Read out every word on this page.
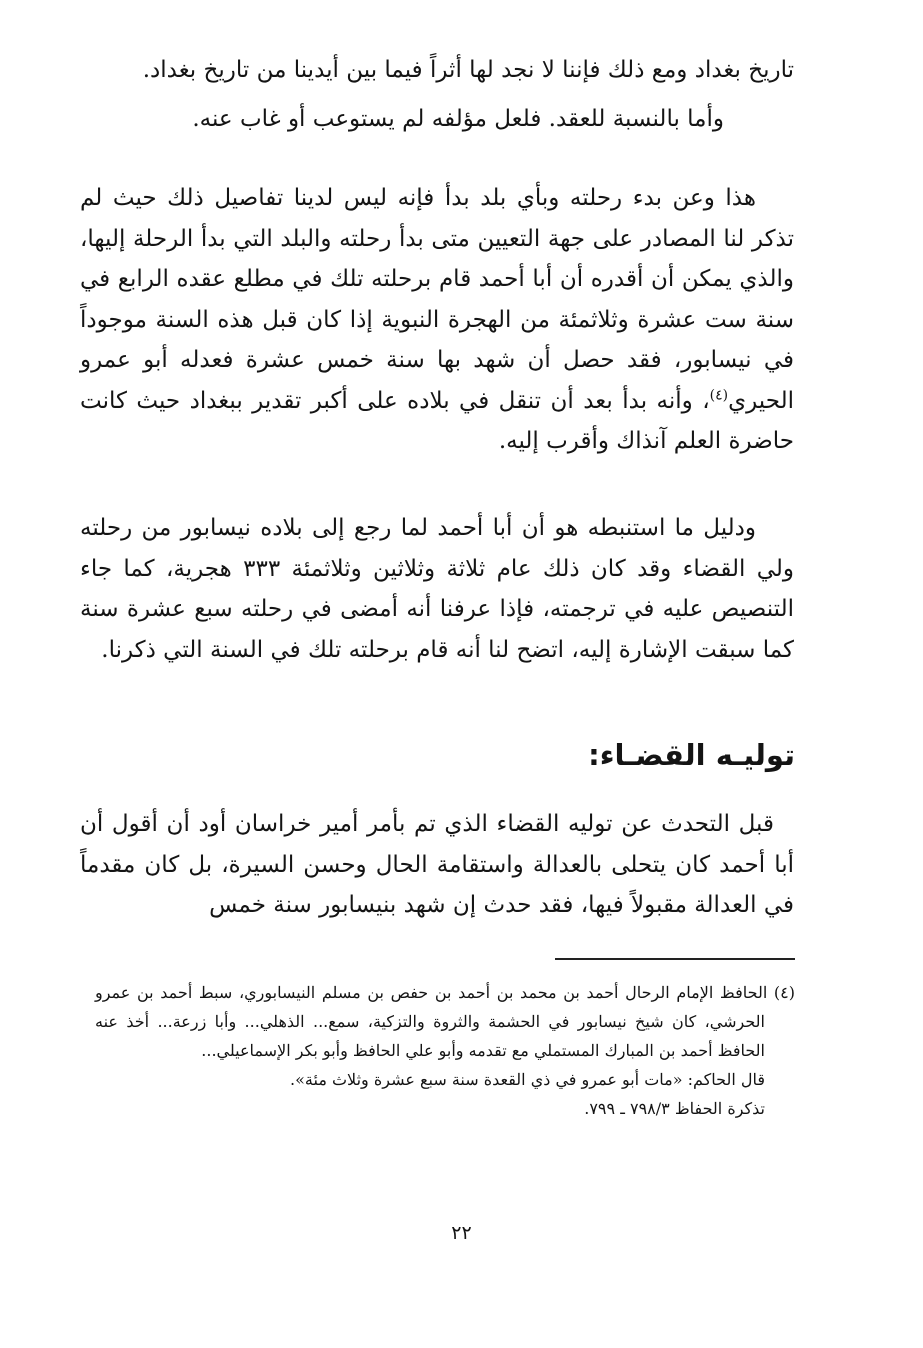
تاريخ بغداد ومع ذلك فإننا لا نجد لها أثراً فيما بين أيدينا من تاريخ بغداد.

وأما بالنسبة للعقد. فلعل مؤلفه لم يستوعب أو غاب عنه.

هذا وعن بدء رحلته وبأي بلد بدأ فإنه ليس لدينا تفاصيل ذلك حيث لم تذكر لنا المصادر على جهة التعيين متى بدأ رحلته والبلد التي بدأ الرحلة إليها، والذي يمكن أن أقدره أن أبا أحمد قام برحلته تلك في مطلع عقده الرابع في سنة ست عشرة وثلاثمئة من الهجرة النبوية إذا كان قبل هذه السنة موجوداً في نيسابور، فقد حصل أن شهد بها سنة خمس عشرة فعدله أبو عمرو الحيري$^{(٤)}$، وأنه بدأ بعد أن تنقل في بلاده على أكبر تقدير ببغداد حيث كانت حاضرة العلم آنذاك وأقرب إليه.
ودليل ما استنبطه هو أن أبا أحمد لما رجع إلى بلاده نيسابور من رحلته ولي القضاء وقد كان ذلك عام ثلاثة وثلاثين وثلاثمئة ٣٣٣ هجرية، كما جاء التنصيص عليه في ترجمته، فإذا عرفنا أنه أمضى في رحلته سبع عشرة سنة كما سبقت الإشارة إليه، اتضح لنا أنه قام برحلته تلك في السنة التي ذكرنا.
توليـه القضـاء:
قبل التحدث عن توليه القضاء الذي تم بأمر أمير خراسان أود أن أقول أن أبا أحمد كان يتحلى بالعدالة واستقامة الحال وحسن السيرة، بل كان مقدماً في العدالة مقبولاً فيها، فقد حدث إن شهد بنيسابور سنة خمس

(٤) الحافظ الإمام الرحال أحمد بن محمد بن أحمد بن حفص بن مسلم النيسابوري، سبط أحمد بن عمرو الحرشي، كان شيخ نيسابور في الحشمة والثروة والتزكية، سمع... الذهلي... وأبا زرعة... أخذ عنه الحافظ أحمد بن المبارك المستملي مع تقدمه وأبو علي الحافظ وأبو بكر الإسماعيلي...

قال الحاكم: «مات أبو عمرو في ذي القعدة سنة سبع عشرة وثلاث مئة».

تذكرة الحفاظ ٧٩٨/٣ ـ ٧٩٩.

٢٢
